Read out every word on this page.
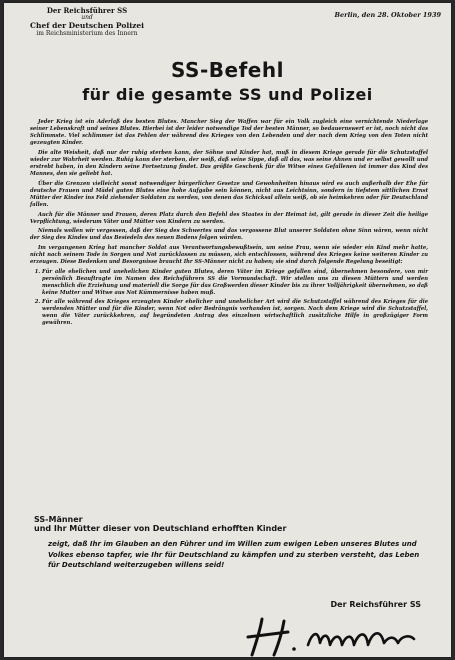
Der Reichsführer SS
und
Chef der Deutschen Polizei
im Reichsministerium des Innern
Berlin, den 28. Oktober 1939
SS-Befehl
für die gesamte SS und Polizei

Jeder Krieg ist ein Aderlaß des besten Blutes. Mancher Sieg der Waffen war für ein Volk zugleich eine vernichtende Niederlage seiner Lebenskraft und seines Blutes. Hierbei ist der leider notwendige Tod der besten Männer, so bedauernswert er ist, noch nicht das Schlimmste. Viel schlimmer ist das Fehlen der während des Krieges von den Lebenden und der nach dem Krieg von den Toten nicht gezeugten Kinder.

Die alte Weisheit, daß nur der ruhig sterben kann, der Söhne und Kinder hat, muß in diesem Kriege gerade für die Schutzstaffel wieder zur Wahrheit werden. Ruhig kann der sterben, der weiß, daß seine Sippe, daß all das, was seine Ahnen und er selbst gewollt und erstrebt haben, in den Kindern seine Fortsetzung findet. Das größte Geschenk für die Witwe eines Gefallenen ist immer das Kind des Mannes, den sie geliebt hat.

Über die Grenzen vielleicht sonst notwendiger bürgerlicher Gesetze und Gewohnheiten hinaus wird es auch außerhalb der Ehe für deutsche Frauen und Mädel guten Blutes eine hohe Aufgabe sein können, nicht aus Leichtsinn, sondern in tiefstem sittlichen Ernst Mütter der Kinder ins Feld ziehender Soldaten zu werden, von denen das Schicksal allein weiß, ob sie heimkehren oder für Deutschland fallen.

Auch für die Männer und Frauen, deren Platz durch den Befehl des Staates in der Heimat ist, gilt gerade in dieser Zeit die heilige Verpflichtung, wiederum Väter und Mütter von Kindern zu werden.

Niemals wollen wir vergessen, daß der Sieg des Schwertes und das vergossene Blut unserer Soldaten ohne Sinn wären, wenn nicht der Sieg des Kindes und das Besiedeln des neuen Bodens folgen würden.

Im vergangenen Krieg hat mancher Soldat aus Verantwortungsbewußtsein, um seine Frau, wenn sie wieder ein Kind mehr hatte, nicht nach seinem Tode in Sorgen und Not zurücklassen zu müssen, sich entschlossen, während des Krieges keine weiteren Kinder zu erzeugen. Diese Bedenken und Besorgnisse braucht Ihr SS-Männer nicht zu haben; sie sind durch folgende Regelung beseitigt:

1. Für alle ehelichen und unehelichen Kinder guten Blutes, deren Väter im Kriege gefallen sind, übernehmen besondere, von mir persönlich Beauftragte im Namen des Reichsführers SS die Vormundschaft. Wir stellen uns zu diesen Müttern und werden menschlich die Erziehung und materiell die Sorge für das Großwerden dieser Kinder bis zu ihrer Volljährigkeit übernehmen, so daß keine Mutter und Witwe aus Not Kümmernisse haben muß.
2. Für alle während des Krieges erzeugten Kinder ehelicher und unehelicher Art wird die Schutzstaffel während des Krieges für die werdenden Mütter und für die Kinder, wenn Not oder Bedrängnis vorhanden ist, sorgen. Nach dem Kriege wird die Schutzstaffel, wenn die Väter zurückkehren, auf begründeten Antrag des einzelnen wirtschaftlich zusätzliche Hilfe in großzügiger Form gewähren.
SS-Männer
und Ihr Mütter dieser von Deutschland erhofften Kinder
zeigt, daß Ihr im Glauben an den Führer und im Willen zum ewigen Leben unseres Blutes und Volkes ebenso tapfer, wie Ihr für Deutschland zu kämpfen und zu sterben versteht, das Leben für Deutschland weiterzugeben willens seid!
Der Reichsführer SS
